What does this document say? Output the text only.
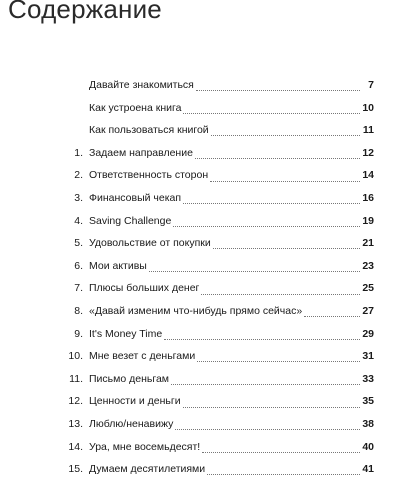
Содержание
Давайте знакомиться	7
Как устроена книга	10
Как пользоваться книгой	11
1. Задаем направление	12
2. Ответственность сторон	14
3. Финансовый чекап	16
4. Saving Challenge	19
5. Удовольствие от покупки	21
6. Мои активы	23
7. Плюсы больших денег	25
8. «Давай изменим что-нибудь прямо сейчас»	27
9. It's Money Time	29
10. Мне везет с деньгами	31
11. Письмо деньгам	33
12. Ценности и деньги	35
13. Люблю/ненавижу	38
14. Ура, мне восемьдесят!	40
15. Думаем десятилетиями	41
